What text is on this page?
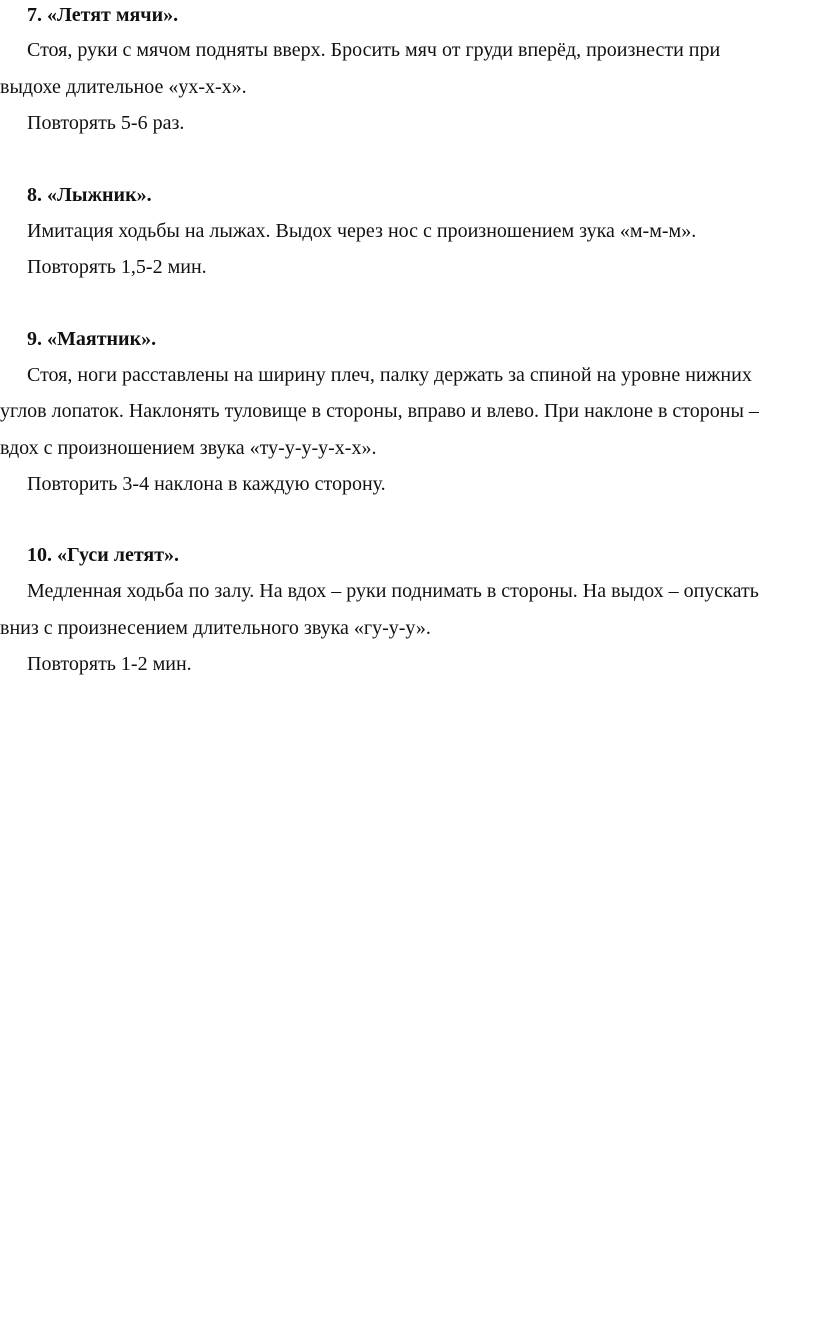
7. «Летят мячи».
Стоя, руки с мячом подняты вверх. Бросить мяч от груди вперёд, произнести при
выдохе длительное «ух-х-х».
Повторять 5-6 раз.
8. «Лыжник».
Имитация ходьбы на лыжах. Выдох через нос с произношением зука «м-м-м».
Повторять 1,5-2 мин.
9. «Маятник».
Стоя, ноги расставлены на ширину плеч, палку держать за спиной на уровне нижних
углов лопаток. Наклонять туловище в стороны, вправо и влево. При наклоне в стороны –
вдох с произношением звука «ту-у-у-у-х-х».
Повторить 3-4 наклона в каждую сторону.
10. «Гуси летят».
Медленная ходьба по залу. На вдох – руки поднимать в стороны. На выдох – опускать
вниз с произнесением длительного звука «гу-у-у».
Повторять 1-2 мин.
